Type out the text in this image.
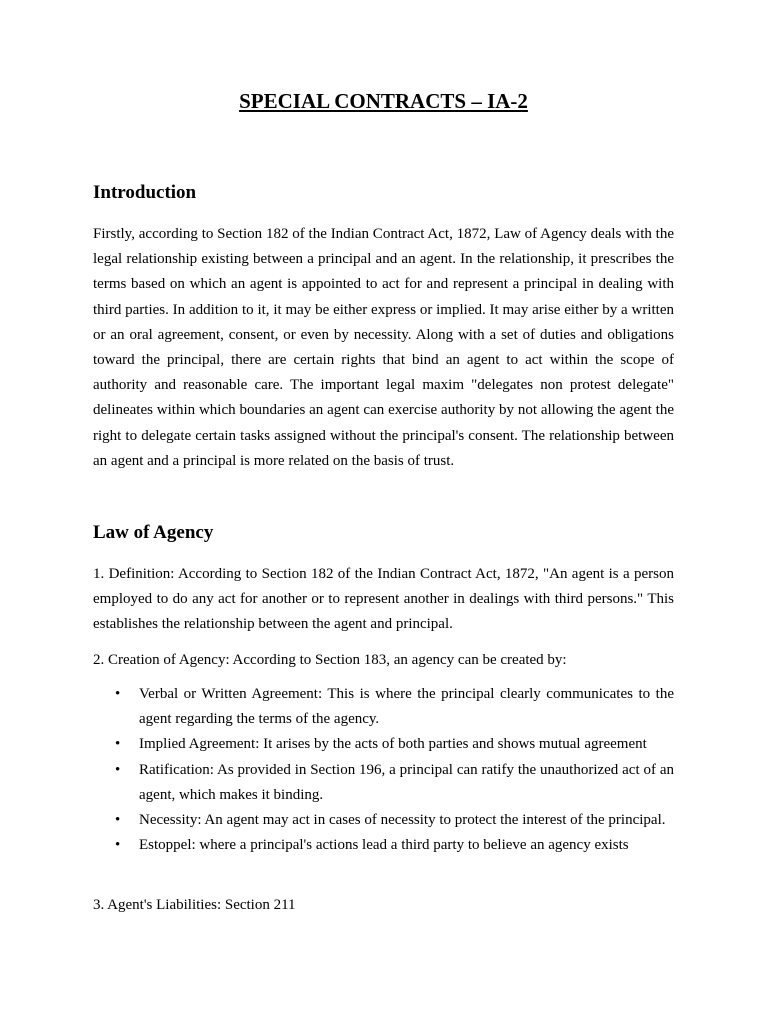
SPECIAL CONTRACTS – IA-2
Introduction

Firstly, according to Section 182 of the Indian Contract Act, 1872, Law of Agency deals with the legal relationship existing between a principal and an agent. In the relationship, it prescribes the terms based on which an agent is appointed to act for and represent a principal in dealing with third parties. In addition to it, it may be either express or implied. It may arise either by a written or an oral agreement, consent, or even by necessity. Along with a set of duties and obligations toward the principal, there are certain rights that bind an agent to act within the scope of authority and reasonable care. The important legal maxim "delegates non protest delegate" delineates within which boundaries an agent can exercise authority by not allowing the agent the right to delegate certain tasks assigned without the principal's consent. The relationship between an agent and a principal is more related on the basis of trust.

Law of Agency

1. Definition: According to Section 182 of the Indian Contract Act, 1872, "An agent is a person employed to do any act for another or to represent another in dealings with third persons." This establishes the relationship between the agent and principal.

2. Creation of Agency: According to Section 183, an agency can be created by:

• Verbal or Written Agreement: This is where the principal clearly communicates to the agent regarding the terms of the agency.
• Implied Agreement: It arises by the acts of both parties and shows mutual agreement
• Ratification: As provided in Section 196, a principal can ratify the unauthorized act of an agent, which makes it binding.
• Necessity: An agent may act in cases of necessity to protect the interest of the principal.
• Estoppel: where a principal's actions lead a third party to believe an agency exists

3. Agent's Liabilities: Section 211
